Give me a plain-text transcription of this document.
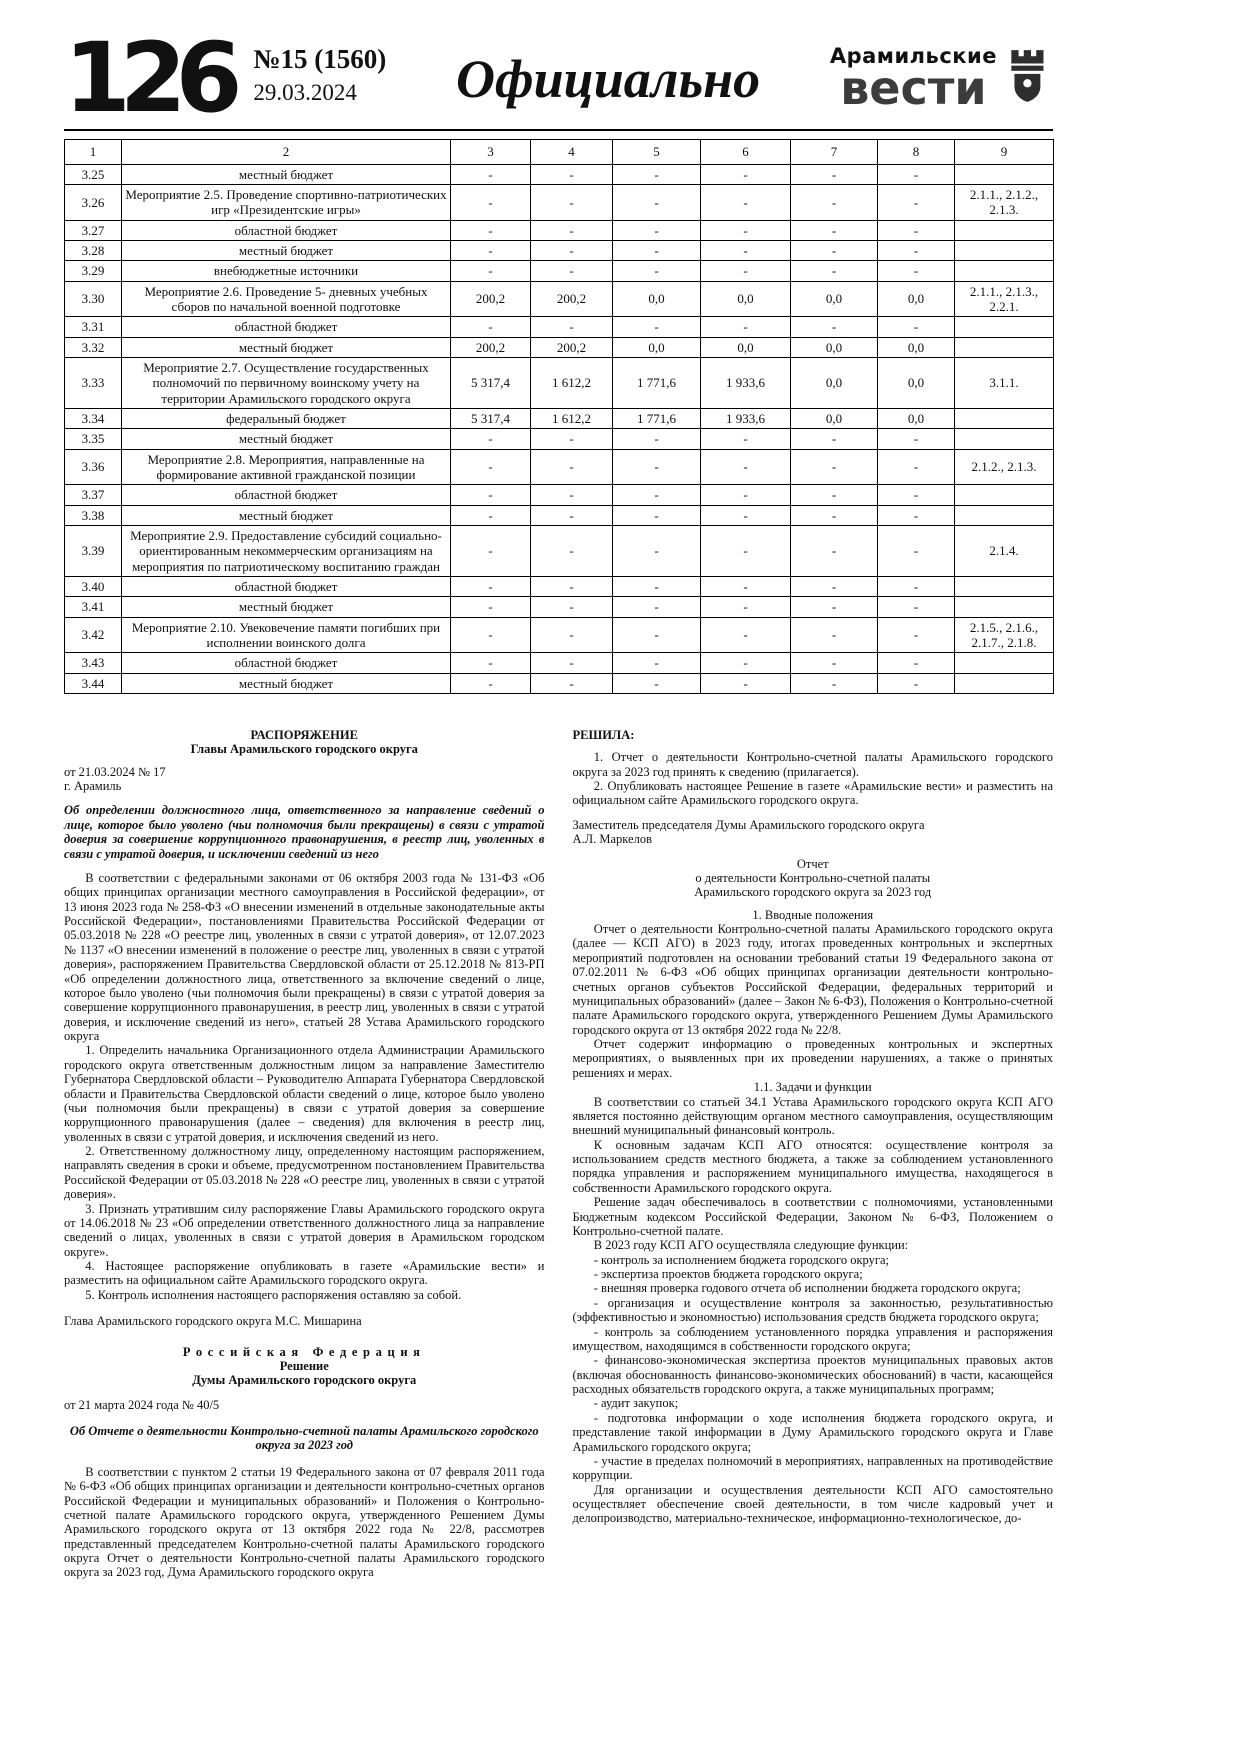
126 №15 (1560)
29.03.2024	Официально	Арамильские
вести
1	2	3	4	5	6	7	8	9
3.25	местный бюджет	-	-	-	-	-	-	
3.26	Мероприятие 2.5. Проведение спортивно-патриотических игр «Президентские игры»	-	-	-	-	-	-	2.1.1., 2.1.2., 2.1.3.
3.27	областной бюджет	-	-	-	-	-	-	
3.28	местный бюджет	-	-	-	-	-	-	
3.29	внебюджетные источники	-	-	-	-	-	-	
3.30	Мероприятие 2.6. Проведение 5- дневных учебных сборов по начальной военной подготовке	200,2	200,2	0,0	0,0	0,0	0,0	2.1.1., 2.1.3., 2.2.1.
3.31	областной бюджет	-	-	-	-	-	-	
3.32	местный бюджет	200,2	200,2	0,0	0,0	0,0	0,0	
3.33	Мероприятие 2.7. Осуществление государственных полномочий по первичному воинскому учету на территории Арамильского городского округа	5 317,4	1 612,2	1 771,6	1 933,6	0,0	0,0	3.1.1.
3.34	федеральный бюджет	5 317,4	1 612,2	1 771,6	1 933,6	0,0	0,0	
3.35	местный бюджет	-	-	-	-	-	-	
3.36	Мероприятие 2.8. Мероприятия, направленные на формирование активной гражданской позиции	-	-	-	-	-	-	2.1.2., 2.1.3.
3.37	областной бюджет	-	-	-	-	-	-	
3.38	местный бюджет	-	-	-	-	-	-	
3.39	Мероприятие 2.9. Предоставление субсидий социально-ориентированным некоммерческим организациям на мероприятия по патриотическому воспитанию граждан	-	-	-	-	-	-	2.1.4.
3.40	областной бюджет	-	-	-	-	-	-	
3.41	местный бюджет	-	-	-	-	-	-	
3.42	Мероприятие 2.10. Увековечение памяти погибших при исполнении воинского долга	-	-	-	-	-	-	2.1.5., 2.1.6., 2.1.7., 2.1.8.
3.43	областной бюджет	-	-	-	-	-	-	
3.44	местный бюджет	-	-	-	-	-	-	

РАСПОРЯЖЕНИЕ

Главы Арамильского городского округа

от 21.03.2024 № 17

г. Арамиль

Об определении должностного лица, ответственного за направление сведений о лице, которое было уволено (чьи полномочия были прекращены) в связи с утратой доверия за совершение коррупционного правонарушения, в реестр лиц, уволенных в связи с утратой доверия, и исключении сведений из него

В соответствии с федеральными законами от 06 октября 2003 года № 131-ФЗ «Об общих принципах организации местного самоуправления в Российской федерации», от 13 июня 2023 года № 258-ФЗ «О внесении изменений в отдельные законодательные акты Российской Федерации», постановлениями Правительства Российской Федерации от 05.03.2018 № 228 «О реестре лиц, уволенных в связи с утратой доверия», от 12.07.2023 № 1137 «О внесении изменений в положение о реестре лиц, уволенных в связи с утратой доверия», распоряжением Правительства Свердловской области от 25.12.2018 № 813-РП «Об определении должностного лица, ответственного за включение сведений о лице, которое было уволено (чьи полномочия были прекращены) в связи с утратой доверия за совершение коррупционного правонарушения, в реестр лиц, уволенных в связи с утратой доверия, и исключение сведений из него», статьей 28 Устава Арамильского городского округа

1. Определить начальника Организационного отдела Администрации Арамильского городского округа ответственным должностным лицом за направление Заместителю Губернатора Свердловской области – Руководителю Аппарата Губернатора Свердловской области и Правительства Свердловской области сведений о лице, которое было уволено (чьи полномочия были прекращены) в связи с утратой доверия за совершение коррупционного правонарушения (далее – сведения) для включения в реестр лиц, уволенных в связи с утратой доверия, и исключения сведений из него.

2. Ответственному должностному лицу, определенному настоящим распоряжением, направлять сведения в сроки и объеме, предусмотренном постановлением Правительства Российской Федерации от 05.03.2018 № 228 «О реестре лиц, уволенных в связи с утратой доверия».

3. Признать утратившим силу распоряжение Главы Арамильского городского округа от 14.06.2018 № 23 «Об определении ответственного должностного лица за направление сведений о лицах, уволенных в связи с утратой доверия в Арамильском городском округе».

4. Настоящее распоряжение опубликовать в газете «Арамильские вести» и разместить на официальном сайте Арамильского городского округа.

5. Контроль исполнения настоящего распоряжения оставляю за собой.

Глава Арамильского городского округа М.С. Мишарина

Российская Федерация

Решение

Думы Арамильского городского округа

от 21 марта 2024 года № 40/5

Об Отчете о деятельности Контрольно-счетной палаты Арамильского городского округа за 2023 год

В соответствии с пунктом 2 статьи 19 Федерального закона от 07 февраля 2011 года № 6-ФЗ «Об общих принципах организации и деятельности контрольно-счетных органов Российской Федерации и муниципальных образований» и Положения о Контрольно-счетной палате Арамильского городского округа, утвержденного Решением Думы Арамильского городского округа от 13 октября 2022 года № 22/8, рассмотрев представленный председателем Контрольно-счетной палаты Арамильского городского округа Отчет о деятельности Контрольно-счетной палаты Арамильского городского округа за 2023 год, Дума Арамильского городского округа

РЕШИЛА:

1. Отчет о деятельности Контрольно-счетной палаты Арамильского городского округа за 2023 год принять к сведению (прилагается).

2. Опубликовать настоящее Решение в газете «Арамильские вести» и разместить на официальном сайте Арамильского городского округа.

Заместитель председателя Думы Арамильского городского округа

А.Л. Маркелов

Отчет

о деятельности Контрольно-счетной палаты

Арамильского городского округа за 2023 год

1. Вводные положения

Отчет о деятельности Контрольно-счетной палаты Арамильского городского округа (далее — КСП АГО) в 2023 году, итогах проведенных контрольных и экспертных мероприятий подготовлен на основании требований статьи 19 Федерального закона от 07.02.2011 № 6-ФЗ «Об общих принципах организации деятельности контрольно-счетных органов субъектов Российской Федерации, федеральных территорий и муниципальных образований» (далее – Закон № 6-ФЗ), Положения о Контрольно-счетной палате Арамильского городского округа, утвержденного Решением Думы Арамильского городского округа от 13 октября 2022 года № 22/8.

Отчет содержит информацию о проведенных контрольных и экспертных мероприятиях, о выявленных при их проведении нарушениях, а также о принятых решениях и мерах.

1.1. Задачи и функции

В соответствии со статьей 34.1 Устава Арамильского городского округа КСП АГО является постоянно действующим органом местного самоуправления, осуществляющим внешний муниципальный финансовый контроль.

К основным задачам КСП АГО относятся: осуществление контроля за использованием средств местного бюджета, а также за соблюдением установленного порядка управления и распоряжением муниципального имущества, находящегося в собственности Арамильского городского округа.

Решение задач обеспечивалось в соответствии с полномочиями, установленными Бюджетным кодексом Российской Федерации, Законом № 6-ФЗ, Положением о Контрольно-счетной палате.

В 2023 году КСП АГО осуществляла следующие функции:

- контроль за исполнением бюджета городского округа;

- экспертиза проектов бюджета городского округа;

- внешняя проверка годового отчета об исполнении бюджета городского округа;

- организация и осуществление контроля за законностью, результативностью (эффективностью и экономностью) использования средств бюджета городского округа;

- контроль за соблюдением установленного порядка управления и распоряжения имуществом, находящимся в собственности городского округа;

- финансово-экономическая экспертиза проектов муниципальных правовых актов (включая обоснованность финансово-экономических обоснований) в части, касающейся расходных обязательств городского округа, а также муниципальных программ;

- аудит закупок;

- подготовка информации о ходе исполнения бюджета городского округа, и представление такой информации в Думу Арамильского городского округа и Главе Арамильского городского округа;

- участие в пределах полномочий в мероприятиях, направленных на противодействие коррупции.

Для организации и осуществления деятельности КСП АГО самостоятельно осуществляет обеспечение своей деятельности, в том числе кадровый учет и делопроизводство, материально-техническое, информационно-технологическое, до-
